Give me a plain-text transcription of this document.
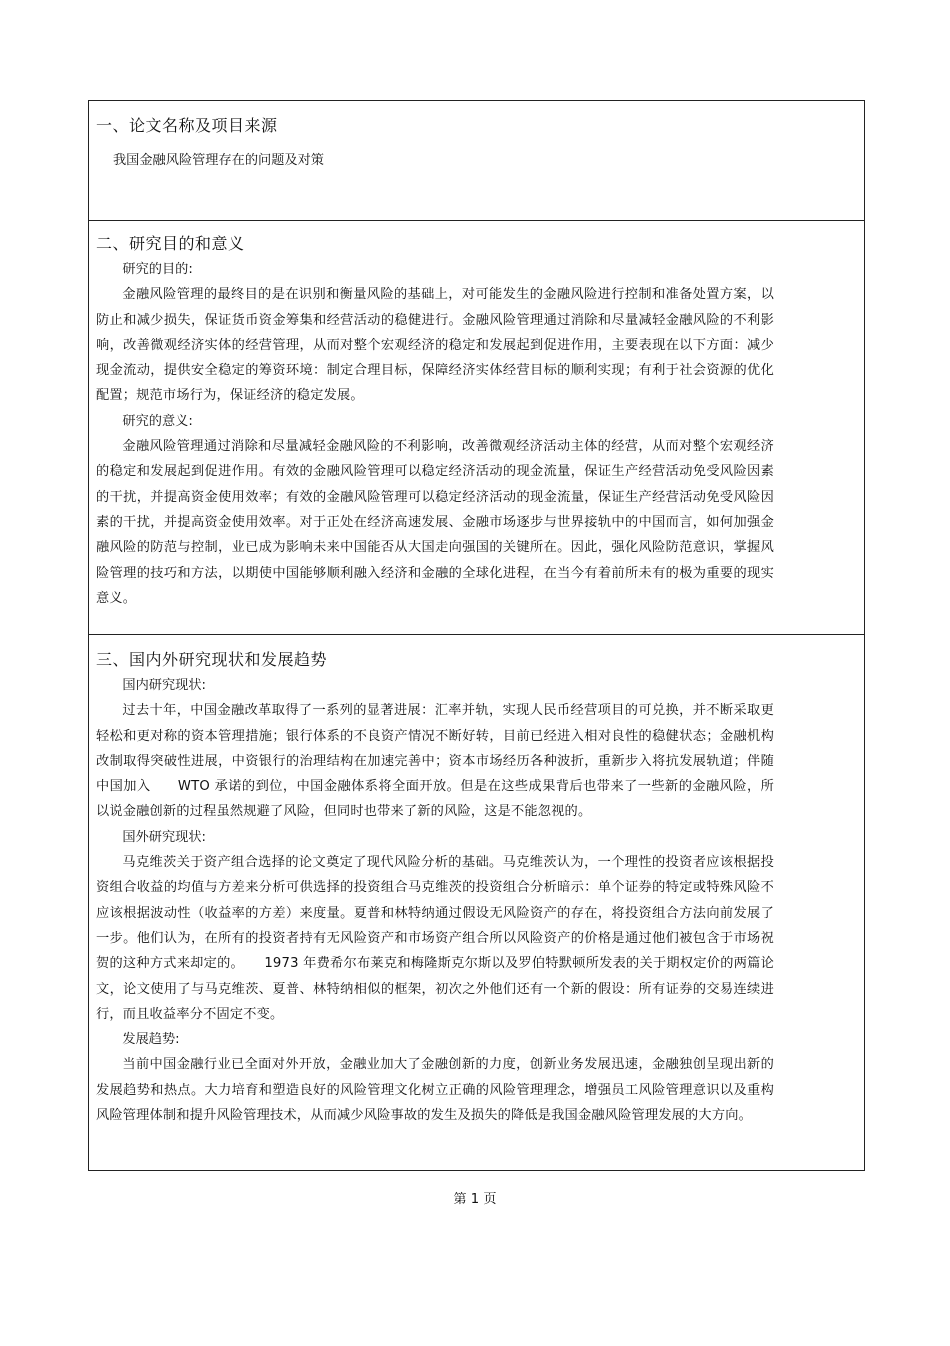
一、论文名称及项目来源

我国金融风险管理存在的问题及对策

二、研究目的和意义

研究的目的:

金融风险管理的最终目的是在识别和衡量风险的基础上，对可能发生的金融风险进行控制和准备处置方案，以防止和减少损失，保证货币资金筹集和经营活动的稳健进行。金融风险管理通过消除和尽量减轻金融风险的不利影响，改善微观经济实体的经营管理，从而对整个宏观经济的稳定和发展起到促进作用，主要表现在以下方面：减少现金流动，提供安全稳定的筹资环境：制定合理目标，保障经济实体经营目标的顺利实现；有利于社会资源的优化配置；规范市场行为，保证经济的稳定发展。

研究的意义:

金融风险管理通过消除和尽量减轻金融风险的不利影响，改善微观经济活动主体的经营，从而对整个宏观经济的稳定和发展起到促进作用。有效的金融风险管理可以稳定经济活动的现金流量，保证生产经营活动免受风险因素的干扰，并提高资金使用效率；有效的金融风险管理可以稳定经济活动的现金流量，保证生产经营活动免受风险因素的干扰，并提高资金使用效率。对于正处在经济高速发展、金融市场逐步与世界接轨中的中国而言，如何加强金融风险的防范与控制，业已成为影响未来中国能否从大国走向强国的关键所在。因此，强化风险防范意识，掌握风险管理的技巧和方法，以期使中国能够顺利融入经济和金融的全球化进程，在当今有着前所未有的极为重要的现实意义。

三、国内外研究现状和发展趋势

国内研究现状:

过去十年，中国金融改革取得了一系列的显著进展：汇率并轨，实现人民币经营项目的可兑换，并不断采取更轻松和更对称的资本管理措施；银行体系的不良资产情况不断好转，目前已经进入相对良性的稳健状态；金融机构改制取得突破性进展，中资银行的治理结构在加速完善中；资本市场经历各种波折，重新步入将抗发展轨道；伴随中国加入　　WTO 承诺的到位，中国金融体系将全面开放。但是在这些成果背后也带来了一些新的金融风险，所以说金融创新的过程虽然规避了风险，但同时也带来了新的风险，这是不能忽视的。

国外研究现状:

马克维茨关于资产组合选择的论文奠定了现代风险分析的基础。马克维茨认为，一个理性的投资者应该根据投资组合收益的均值与方差来分析可供选择的投资组合马克维茨的投资组合分析暗示：单个证券的特定或特殊风险不应该根据波动性（收益率的方差）来度量。夏普和林特纳通过假设无风险资产的存在，将投资组合方法向前发展了一步。他们认为，在所有的投资者持有无风险资产和市场资产组合所以风险资产的价格是通过他们被包含于市场祝贺的这种方式来却定的。　　1973 年费希尔布莱克和梅隆斯克尔斯以及罗伯特默顿所发表的关于期权定价的两篇论文，论文使用了与马克维茨、夏普、林特纳相似的框架，初次之外他们还有一个新的假设：所有证券的交易连续进行，而且收益率分不固定不变。

发展趋势:

当前中国金融行业已全面对外开放，金融业加大了金融创新的力度，创新业务发展迅速，金融独创呈现出新的发展趋势和热点。大力培育和塑造良好的风险管理文化树立正确的风险管理理念，增强员工风险管理意识以及重构风险管理体制和提升风险管理技术，从而减少风险事故的发生及损失的降低是我国金融风险管理发展的大方向。

第 1 页
